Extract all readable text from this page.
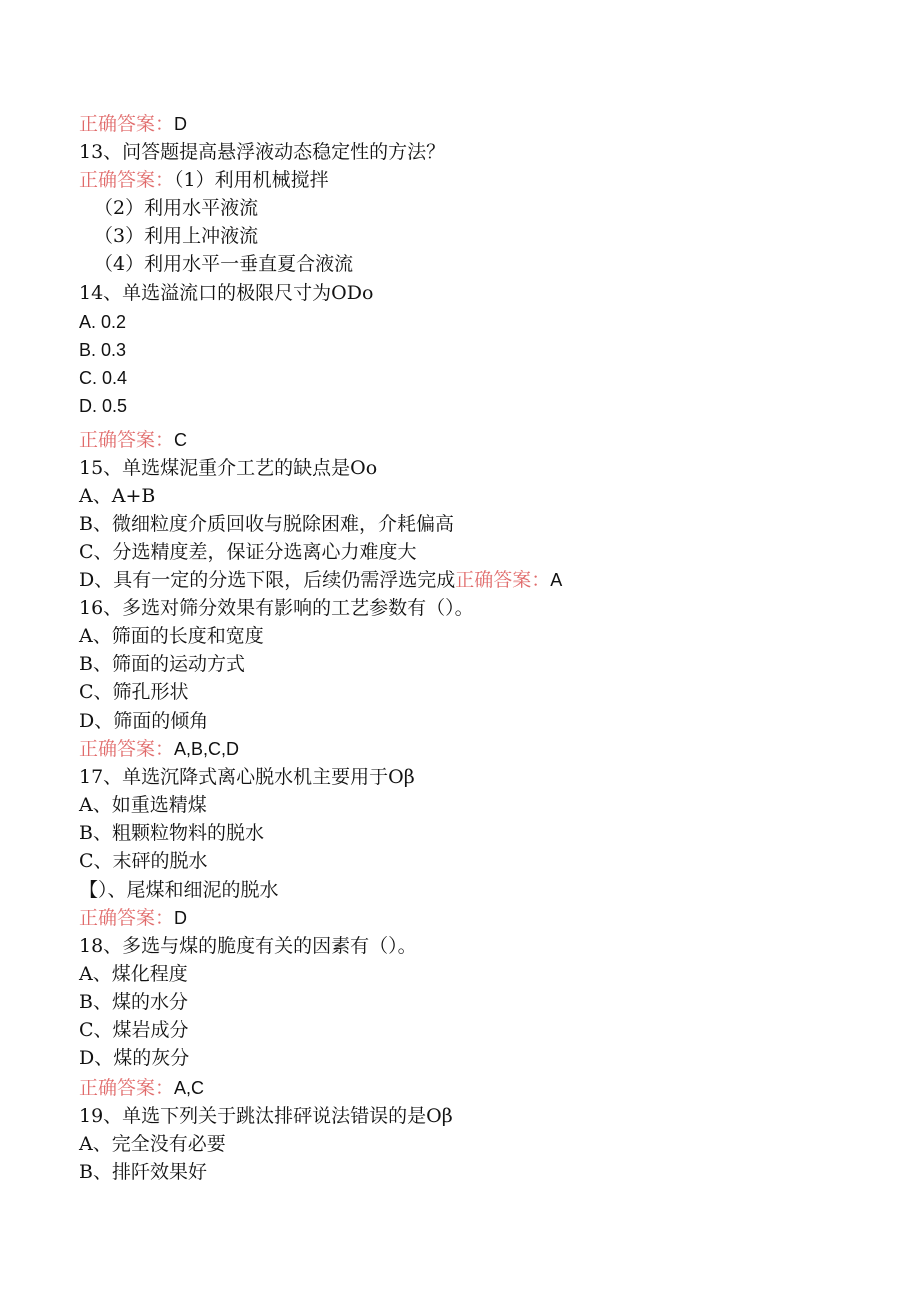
正确答案：D
13、问答题提高悬浮液动态稳定性的方法？
正确答案：（1）利用机械搅拌
（2）利用水平液流
（3）利用上冲液流
（4）利用水平一垂直夏合液流
14、单选溢流口的极限尺寸为ODo
A. 0.2
B. 0.3
C. 0.4
D. 0.5
正确答案：C
15、单选煤泥重介工艺的缺点是Oo
A、A+B
B、微细粒度介质回收与脱除困难，介耗偏高
C、分选精度差，保证分选离心力难度大
D、具有一定的分选下限，后续仍需浮选完成正确答案：A
16、多选对筛分效果有影响的工艺参数有（）。
A、筛面的长度和宽度
B、筛面的运动方式
C、筛孔形状
D、筛面的倾角
正确答案：A,B,C,D
17、单选沉降式离心脱水机主要用于Oβ
A、如重选精煤
B、粗颗粒物料的脱水
C、末砰的脱水
【）、尾煤和细泥的脱水
正确答案：D
18、多选与煤的脆度有关的因素有（）。
A、煤化程度
B、煤的水分
C、煤岩成分
D、煤的灰分
正确答案：A,C
19、单选下列关于跳汰排砰说法错误的是Oβ
A、完全没有必要
B、排阡效果好
